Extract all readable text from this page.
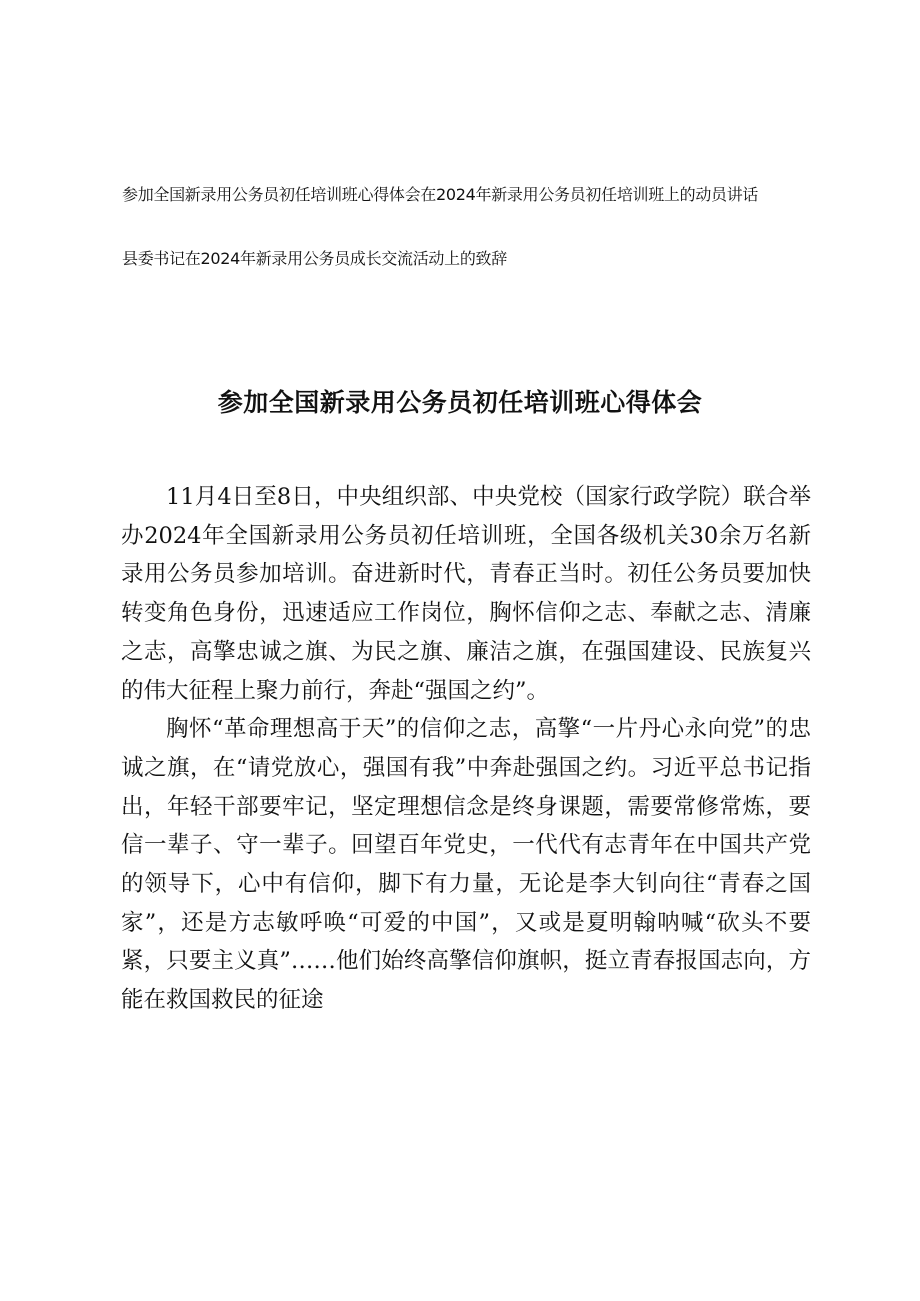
参加全国新录用公务员初任培训班心得体会在2024年新录用公务员初任培训班上的动员讲话

县委书记在2024年新录用公务员成长交流活动上的致辞

参加全国新录用公务员初任培训班心得体会

11月4日至8日，中央组织部、中央党校（国家行政学院）联合举办2024年全国新录用公务员初任培训班，全国各级机关30余万名新录用公务员参加培训。奋进新时代，青春正当时。初任公务员要加快转变角色身份，迅速适应工作岗位，胸怀信仰之志、奉献之志、清廉之志，高擎忠诚之旗、为民之旗、廉洁之旗，在强国建设、民族复兴的伟大征程上聚力前行，奔赴“强国之约”。

胸怀“革命理想高于天”的信仰之志，高擎“一片丹心永向党”的忠诚之旗，在“请党放心，强国有我”中奔赴强国之约。习近平总书记指出，年轻干部要牢记，坚定理想信念是终身课题，需要常修常炼，要信一辈子、守一辈子。回望百年党史，一代代有志青年在中国共产党的领导下，心中有信仰，脚下有力量，无论是李大钊向往“青春之国家”，还是方志敏呼唤“可爱的中国”，又或是夏明翰呐喊“砍头不要紧，只要主义真”……他们始终高擎信仰旗帜，挺立青春报国志向，方能在救国救民的征途
